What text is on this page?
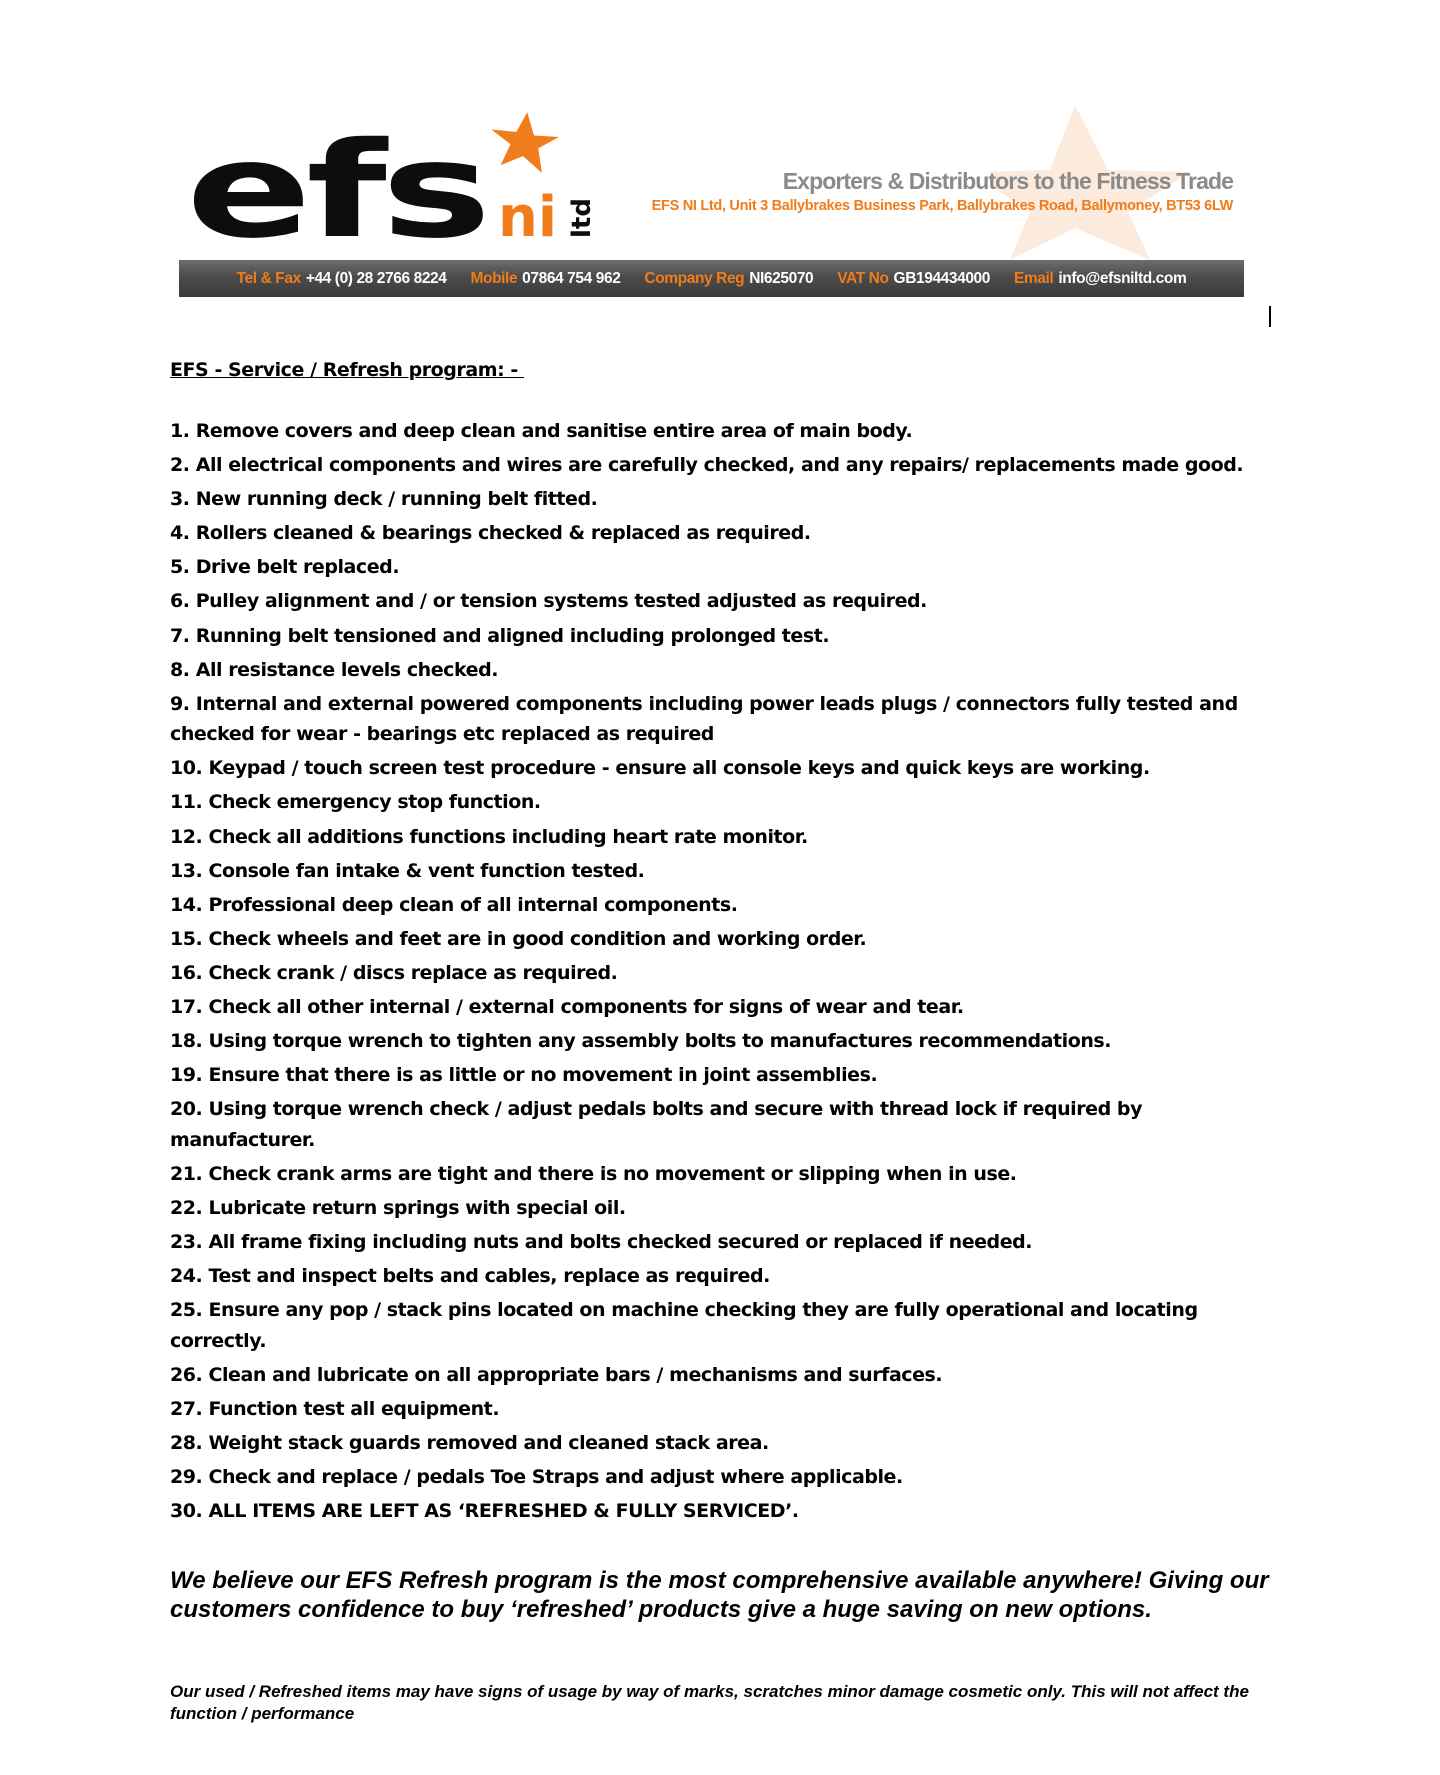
efs ni ltd
Exporters & Distributors to the Fitness Trade
EFS NI Ltd, Unit 3 Ballybrakes Business Park, Ballybrakes Road, Ballymoney, BT53 6LW
Tel & Fax +44 (0) 28 2766 8224 Mobile 07864 754 962 Company Reg NI625070 VAT No GB194434000 Email info@efsniltd.com
EFS - Service / Refresh program: -
1. Remove covers and deep clean and sanitise entire area of main body.
2. All electrical components and wires are carefully checked, and any repairs/ replacements made good.
3. New running deck / running belt fitted.
4. Rollers cleaned & bearings checked & replaced as required.
5. Drive belt replaced.
6. Pulley alignment and / or tension systems tested adjusted as required.
7. Running belt tensioned and aligned including prolonged test.
8. All resistance levels checked.
9. Internal and external powered components including power leads plugs / connectors fully tested and checked for wear - bearings etc replaced as required
10. Keypad / touch screen test procedure - ensure all console keys and quick keys are working.
11. Check emergency stop function.
12. Check all additions functions including heart rate monitor.
13. Console fan intake & vent function tested.
14. Professional deep clean of all internal components.
15. Check wheels and feet are in good condition and working order.
16. Check crank / discs replace as required.
17. Check all other internal / external components for signs of wear and tear.
18. Using torque wrench to tighten any assembly bolts to manufactures recommendations.
19. Ensure that there is as little or no movement in joint assemblies.
20. Using torque wrench check / adjust pedals bolts and secure with thread lock if required by manufacturer.
21. Check crank arms are tight and there is no movement or slipping when in use.
22. Lubricate return springs with special oil.
23. All frame fixing including nuts and bolts checked secured or replaced if needed.
24. Test and inspect belts and cables, replace as required.
25. Ensure any pop / stack pins located on machine checking they are fully operational and locating correctly.
26. Clean and lubricate on all appropriate bars / mechanisms and surfaces.
27. Function test all equipment.
28. Weight stack guards removed and cleaned stack area.
29. Check and replace / pedals Toe Straps and adjust where applicable.
30. ALL ITEMS ARE LEFT AS ‘REFRESHED & FULLY SERVICED’.
We believe our EFS Refresh program is the most comprehensive available anywhere! Giving our customers confidence to buy ‘refreshed’ products give a huge saving on new options.
Our used / Refreshed items may have signs of usage by way of marks, scratches minor damage cosmetic only. This will not affect the function / performance
